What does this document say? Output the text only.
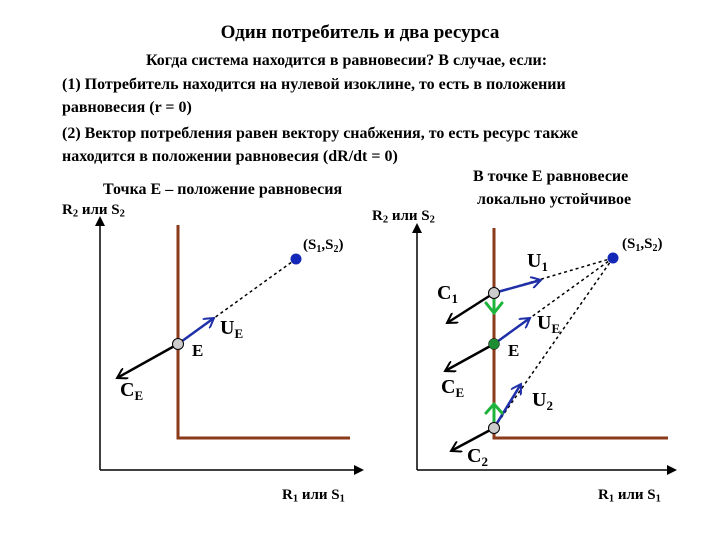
Один потребитель и два ресурса
Когда система находится в равновесии? В случае, если:
(1) Потребитель находится на нулевой изоклине, то есть в положении
равновесия (r = 0)
(2) Вектор потребления равен вектору снабжения, то есть ресурс также
находится в положении равновесия (dR/dt = 0)
Точка E – положение равновесия
В точке E равновесие
локально устойчивое
$R_2$ или $S_2$	$R_2$ или $S_2$
$R_1$ или $S_1$	$R_1$ или $S_1$
$(S_1,S_2)$
E
$U_E$
$C_E$
$(S_1,S_2)$
$U_1$
$C_1$
$U_E$
E
$C_E$	$U_2$
$C_2$
